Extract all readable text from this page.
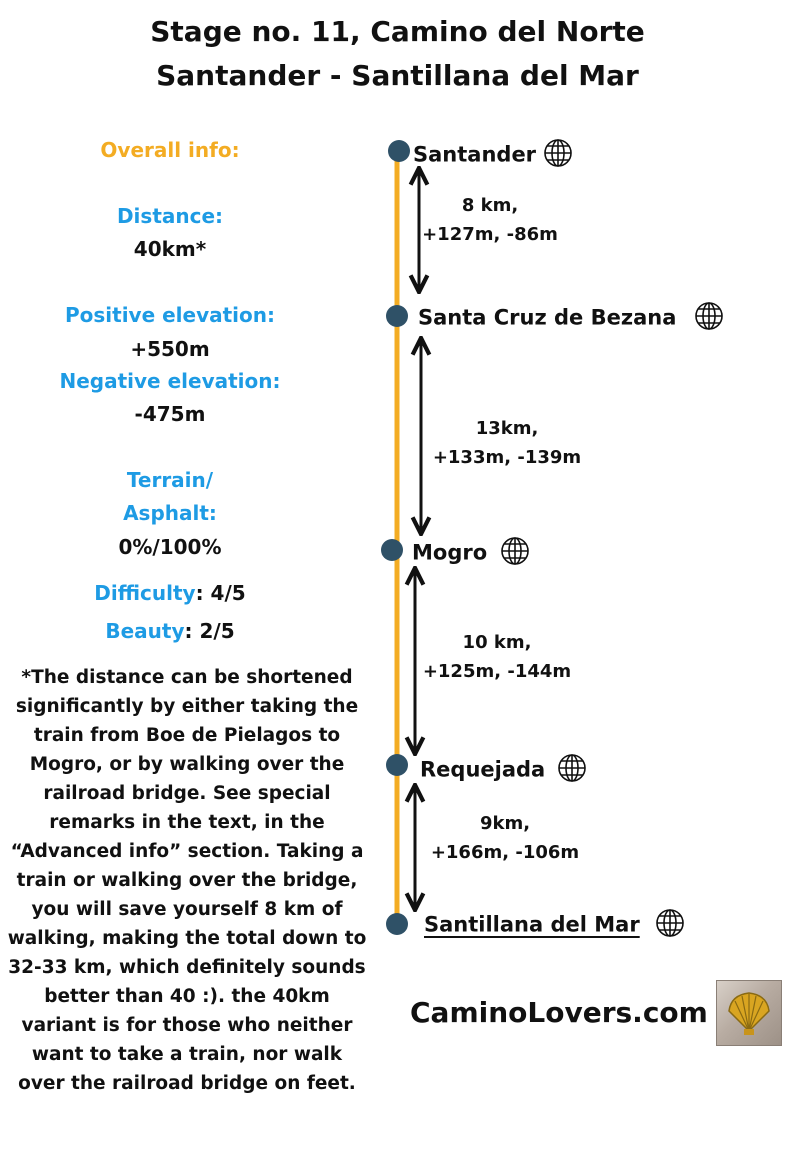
Stage no. 11, Camino del Norte
Santander - Santillana del Mar
Overall info:
Distance:
40km*
Positive elevation:
+550m
Negative elevation:
-475m
Terrain/
Asphalt:
0%/100%
Difficulty: 4/5
Beauty: 2/5
*The distance can be shortened significantly by either taking the train from Boe de Pielagos to Mogro, or by walking over the railroad bridge. See special remarks in the text, in the “Advanced info” section. Taking a train or walking over the bridge, you will save yourself 8 km of walking, making the total down to 32-33 km, which definitely sounds better than 40 :). the 40km variant is for those who neither want to take a train, nor walk over the railroad bridge on feet.
Santander
Santa Cruz de Bezana
Mogro
Requejada
Santillana del Mar
8 km,
+127m, -86m
13km,
+133m, -139m
10 km,
+125m, -144m
9km,
+166m, -106m
CaminoLovers.com
